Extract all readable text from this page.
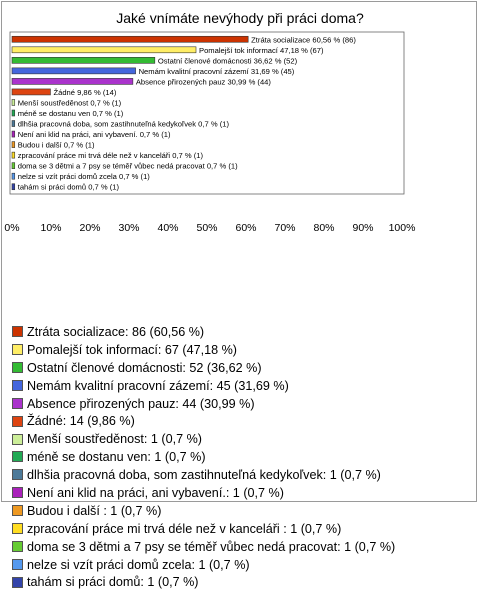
Jaké vnímáte nevýhody při práci doma?
Ztráta socializace 60,56 % (86)
Pomalejší tok informací 47,18 % (67)
Ostatní členové domácnosti 36,62 % (52)
Nemám kvalitní pracovní zázemí 31,69 % (45)
Absence přirozených pauz 30,99 % (44)
Žádné 9,86 % (14)
Menší soustředěnost 0,7 % (1)
méně se dostanu ven 0,7 % (1)
dlhšia pracovná doba, som zastihnuteľná kedykoľvek 0,7 % (1)
Není ani klid na práci, ani vybavení. 0,7 % (1)
Budou i další 0,7 % (1)
zpracování práce mi trvá déle než v kanceláři 0,7 % (1)
doma se 3 dětmi a 7 psy se téměř vůbec nedá pracovat 0,7 % (1)
nelze si vzít práci domů zcela 0,7 % (1)
tahám si práci domů 0,7 % (1)
0% 10% 20% 30% 40% 50% 60% 70% 80% 90% 100%
Ztráta socializace: 86 (60,56 %)
Pomalejší tok informací: 67 (47,18 %)
Ostatní členové domácnosti: 52 (36,62 %)
Nemám kvalitní pracovní zázemí: 45 (31,69 %)
Absence přirozených pauz: 44 (30,99 %)
Žádné: 14 (9,86 %)
Menší soustředěnost: 1 (0,7 %)
méně se dostanu ven: 1 (0,7 %)
dlhšia pracovná doba, som zastihnuteľná kedykoľvek: 1 (0,7 %)
Není ani klid na práci, ani vybavení.: 1 (0,7 %)
Budou i další : 1 (0,7 %)
zpracování práce mi trvá déle než v kanceláři : 1 (0,7 %)
doma se 3 dětmi a 7 psy se téměř vůbec nedá pracovat: 1 (0,7 %)
nelze si vzít práci domů zcela: 1 (0,7 %)
tahám si práci domů: 1 (0,7 %)
